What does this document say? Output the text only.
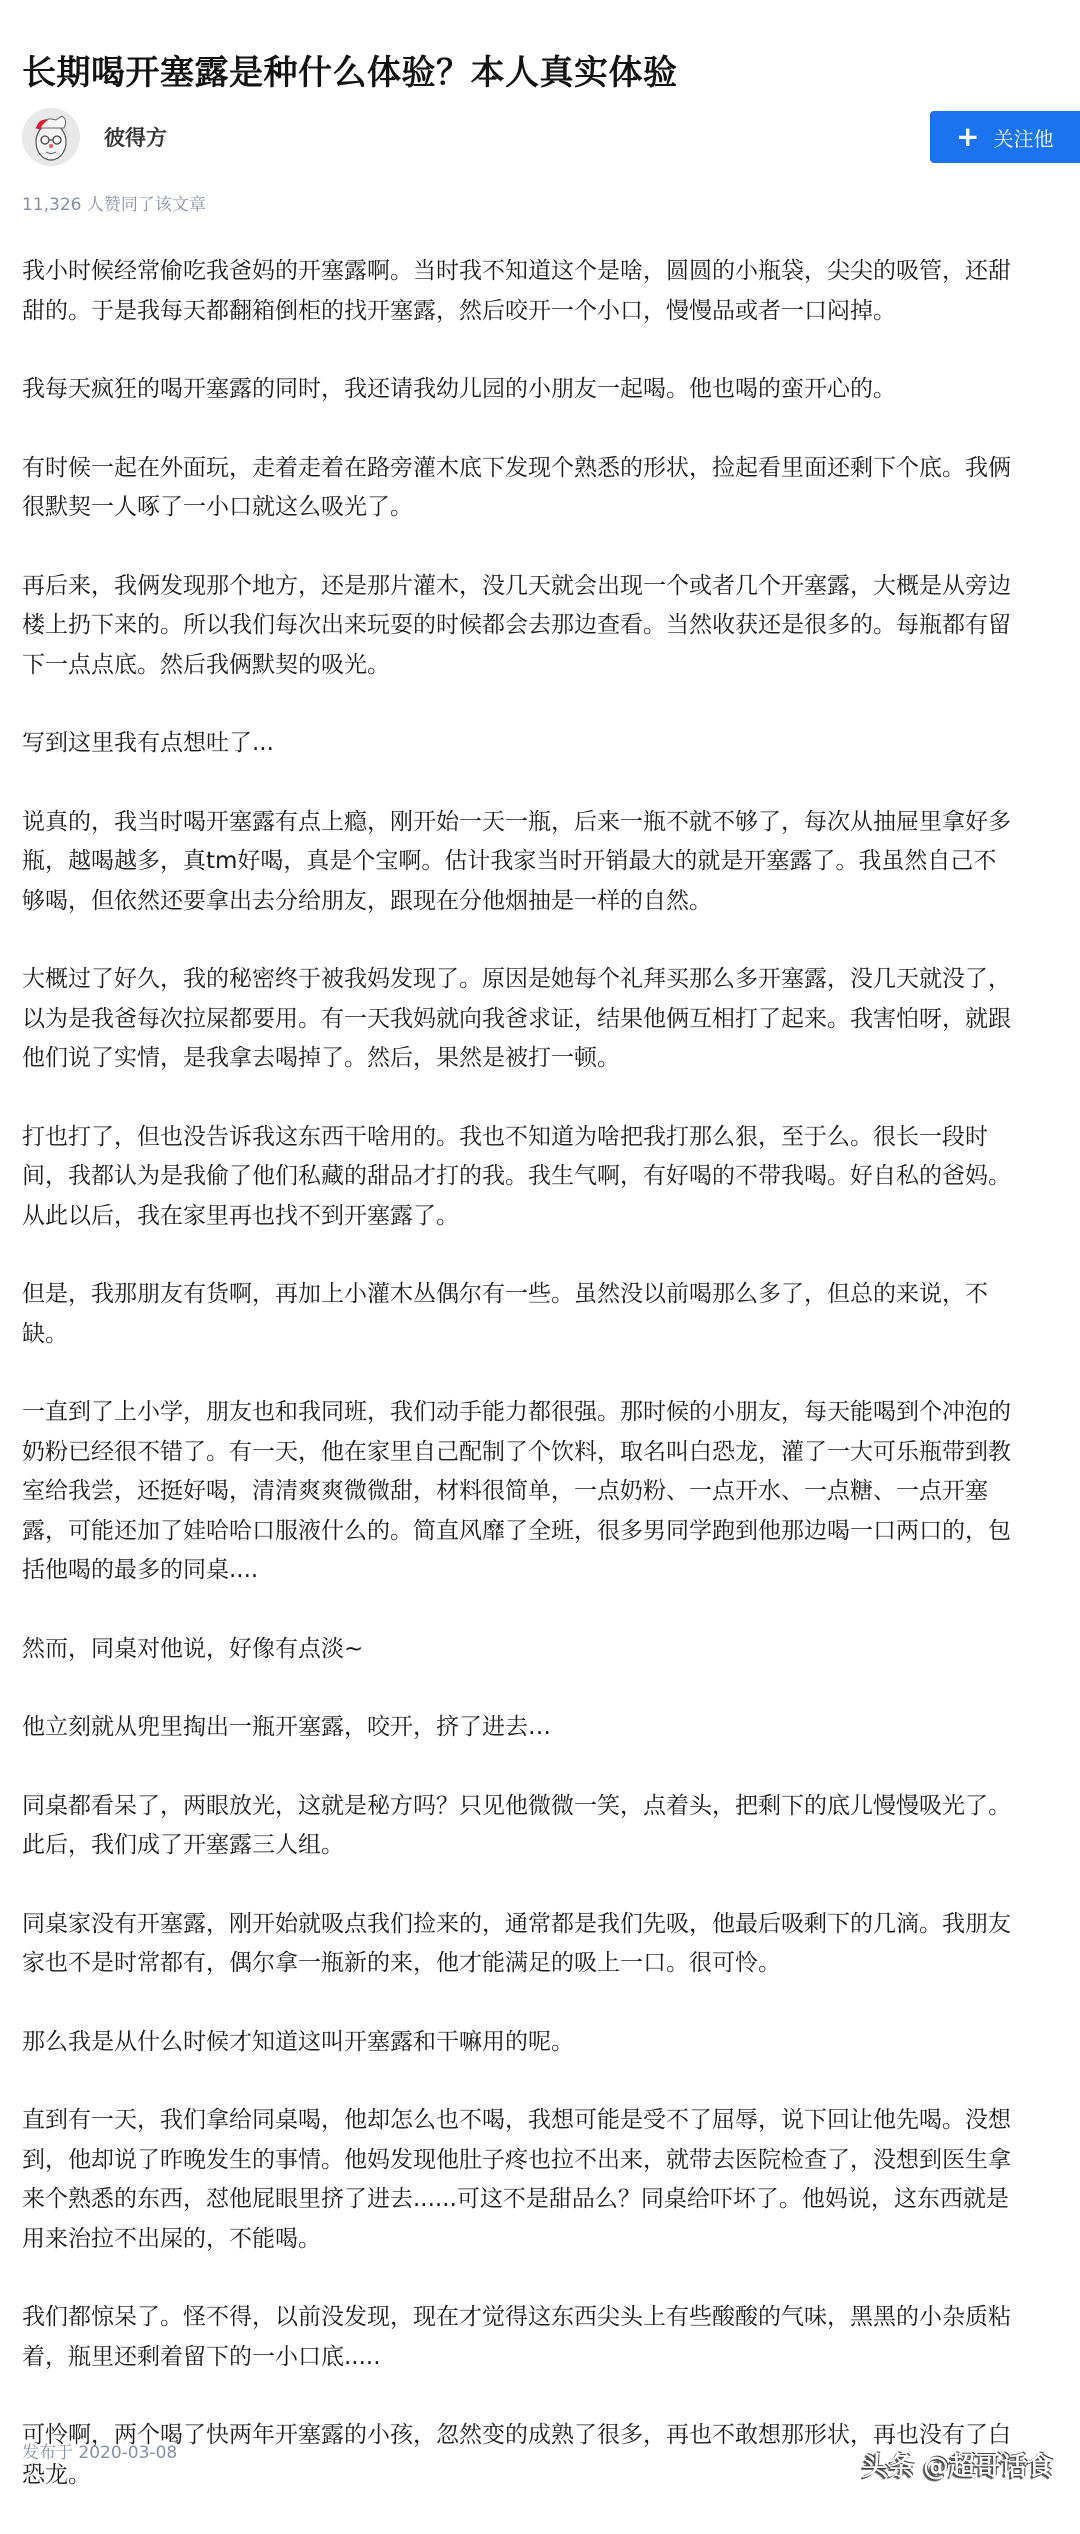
长期喝开塞露是种什么体验？本人真实体验
彼得方	+ 关注他
11,326 人赞同了该文章

我小时候经常偷吃我爸妈的开塞露啊。当时我不知道这个是啥，圆圆的小瓶袋，尖尖的吸管，还甜
甜的。于是我每天都翻箱倒柜的找开塞露，然后咬开一个小口，慢慢品或者一口闷掉。

我每天疯狂的喝开塞露的同时，我还请我幼儿园的小朋友一起喝。他也喝的蛮开心的。

有时候一起在外面玩，走着走着在路旁灌木底下发现个熟悉的形状，捡起看里面还剩下个底。我俩
很默契一人啄了一小口就这么吸光了。

再后来，我俩发现那个地方，还是那片灌木，没几天就会出现一个或者几个开塞露，大概是从旁边
楼上扔下来的。所以我们每次出来玩耍的时候都会去那边查看。当然收获还是很多的。每瓶都有留
下一点点底。然后我俩默契的吸光。

写到这里我有点想吐了...

说真的，我当时喝开塞露有点上瘾，刚开始一天一瓶，后来一瓶不就不够了，每次从抽屉里拿好多
瓶，越喝越多，真tm好喝，真是个宝啊。估计我家当时开销最大的就是开塞露了。我虽然自己不
够喝，但依然还要拿出去分给朋友，跟现在分他烟抽是一样的自然。

大概过了好久，我的秘密终于被我妈发现了。原因是她每个礼拜买那么多开塞露，没几天就没了，
以为是我爸每次拉屎都要用。有一天我妈就向我爸求证，结果他俩互相打了起来。我害怕呀，就跟
他们说了实情，是我拿去喝掉了。然后，果然是被打一顿。

打也打了，但也没告诉我这东西干啥用的。我也不知道为啥把我打那么狠，至于么。很长一段时
间，我都认为是我偷了他们私藏的甜品才打的我。我生气啊，有好喝的不带我喝。好自私的爸妈。
从此以后，我在家里再也找不到开塞露了。

但是，我那朋友有货啊，再加上小灌木丛偶尔有一些。虽然没以前喝那么多了，但总的来说，不
缺。

一直到了上小学，朋友也和我同班，我们动手能力都很强。那时候的小朋友，每天能喝到个冲泡的
奶粉已经很不错了。有一天，他在家里自己配制了个饮料，取名叫白恐龙，灌了一大可乐瓶带到教
室给我尝，还挺好喝，清清爽爽微微甜，材料很简单，一点奶粉、一点开水、一点糖、一点开塞
露，可能还加了娃哈哈口服液什么的。简直风靡了全班，很多男同学跑到他那边喝一口两口的，包
括他喝的最多的同桌....

然而，同桌对他说，好像有点淡~

他立刻就从兜里掏出一瓶开塞露，咬开，挤了进去…

同桌都看呆了，两眼放光，这就是秘方吗？只见他微微一笑，点着头，把剩下的底儿慢慢吸光了。
此后，我们成了开塞露三人组。

同桌家没有开塞露，刚开始就吸点我们捡来的，通常都是我们先吸，他最后吸剩下的几滴。我朋友
家也不是时常都有，偶尔拿一瓶新的来，他才能满足的吸上一口。很可怜。

那么我是从什么时候才知道这叫开塞露和干嘛用的呢。

直到有一天，我们拿给同桌喝，他却怎么也不喝，我想可能是受不了屈辱，说下回让他先喝。没想
到，他却说了昨晚发生的事情。他妈发现他肚子疼也拉不出来，就带去医院检查了，没想到医生拿
来个熟悉的东西，怼他屁眼里挤了进去......可这不是甜品么？同桌给吓坏了。他妈说，这东西就是
用来治拉不出屎的，不能喝。

我们都惊呆了。怪不得，以前没发现，现在才觉得这东西尖头上有些酸酸的气味，黑黑的小杂质粘
着，瓶里还剩着留下的一小口底.....

可怜啊，两个喝了快两年开塞露的小孩，忽然变的成熟了很多，再也不敢想那形状，再也没有了白
恐龙。

发布于 2020-03-08	头条 @超哥话食
